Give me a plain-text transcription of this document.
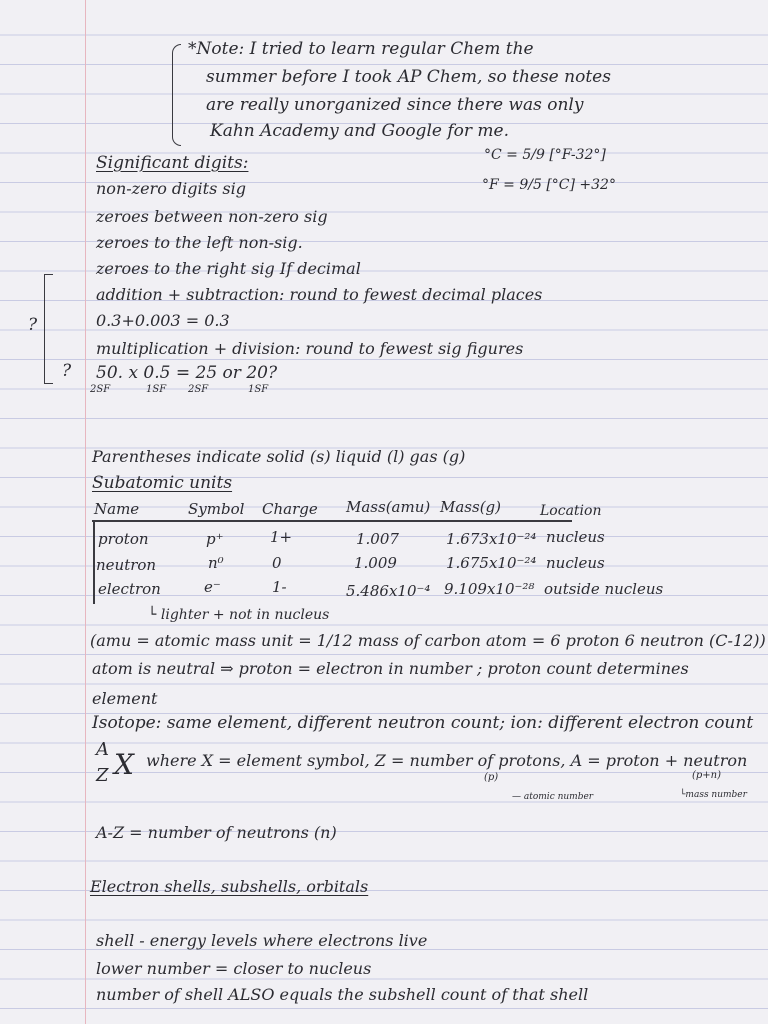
*Note: I tried to learn regular Chem the
summer before I took AP Chem, so these notes
are really unorganized since there was only
Kahn Academy and Google for me.
°C = 5/9 [°F-32°]
°F = 9/5 [°C] +32°
Significant digits:
non-zero digits sig
zeroes between non-zero sig
zeroes to the left non-sig.
zeroes to the right sig If decimal
addition + subtraction: round to fewest decimal places
0.3+0.003 = 0.3
multiplication + division: round to fewest sig figures
50. x 0.5 = 25 or 20?
2SF	1SF 2SF	1SF
?
?
Parentheses indicate solid (s) liquid (l) gas (g)
Subatomic units
Name	Symbol Charge Mass(amu) Mass(g)	Location
proton	p⁺	1+	1.007	1.673x10⁻²⁴ nucleus
neutron	n⁰	0	1.009	1.675x10⁻²⁴ nucleus
electron	e⁻	1-	5.486x10⁻⁴ 9.109x10⁻²⁸ outside nucleus
└ lighter + not in nucleus
(amu = atomic mass unit = 1/12 mass of carbon atom = 6 proton 6 neutron (C-12))
atom is neutral ⇒ proton = electron in number ; proton count determines
element
Isotope: same element, different neutron count; ion: different electron count
A
Z X where X = element symbol, Z = number of protons, A = proton + neutron
(p)	(p+n)
— atomic number	└mass number
A-Z = number of neutrons (n)
Electron shells, subshells, orbitals
shell - energy levels where electrons live
lower number = closer to nucleus
number of shell ALSO equals the subshell count of that shell
